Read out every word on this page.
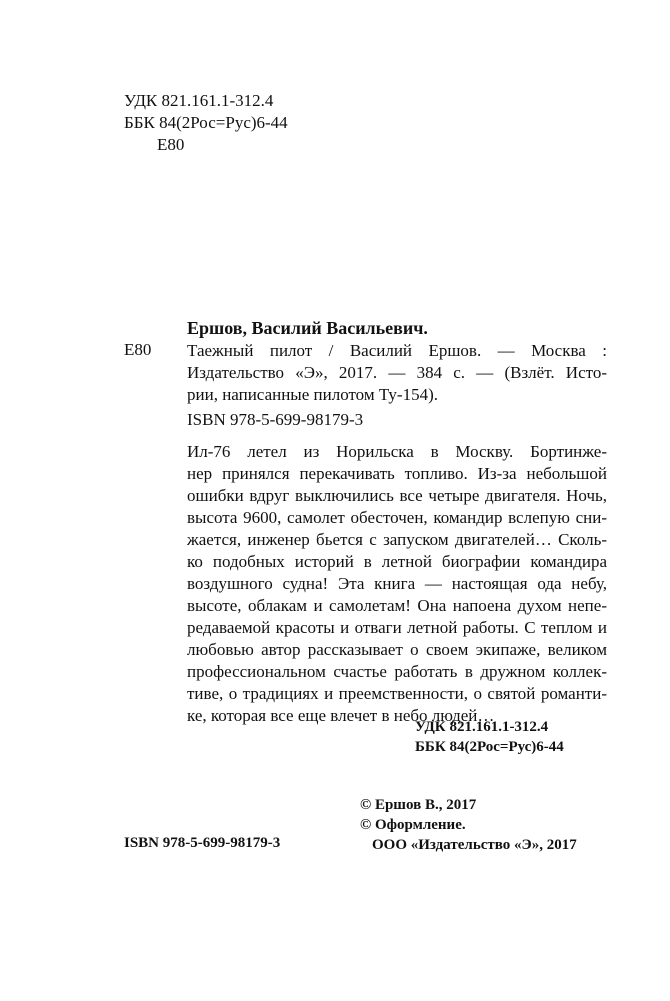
УДК 821.161.1-312.4
ББК 84(2Рос=Рус)6-44
Е80
Ершов, Василий Васильевич.
Е80 Таежный пилот / Василий Ершов. — Москва :
Издательство «Э», 2017. — 384 с. — (Взлёт. Исто-
рии, написанные пилотом Ту-154).
ISBN 978-5-699-98179-3
Ил-76 летел из Норильска в Москву. Бортинже-
нер принялся перекачивать топливо. Из-за небольшой
ошибки вдруг выключились все четыре двигателя. Ночь,
высота 9600, самолет обесточен, командир вслепую сни-
жается, инженер бьется с запуском двигателей… Сколь-
ко подобных историй в летной биографии командира
воздушного судна! Эта книга — настоящая ода небу,
высоте, облакам и самолетам! Она напоена духом непе-
редаваемой красоты и отваги летной работы. С теплом и
любовью автор рассказывает о своем экипаже, великом
профессиональном счастье работать в дружном коллек-
тиве, о традициях и преемственности, о святой романти-
ке, которая все еще влечет в небо людей…
УДК 821.161.1-312.4
ББК 84(2Рос=Рус)6-44
© Ершов В., 2017
© Оформление.
ООО «Издательство «Э», 2017
ISBN 978-5-699-98179-3
